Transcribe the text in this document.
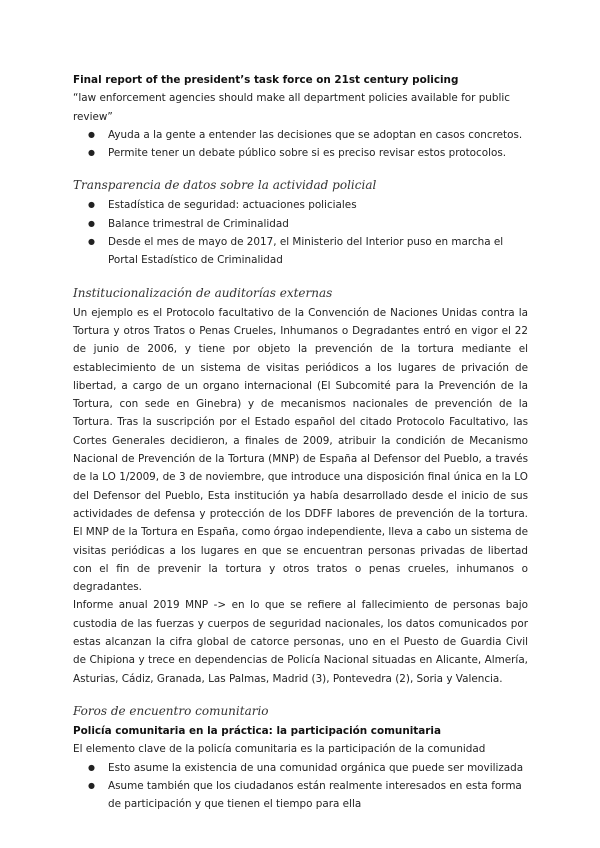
Final report of the president’s task force on 21st century policing
“law enforcement agencies should make all department policies available for public review”
● Ayuda a la gente a entender las decisiones que se adoptan en casos concretos.
● Permite tener un debate público sobre si es preciso revisar estos protocolos.
Transparencia de datos sobre la actividad policial
● Estadística de seguridad: actuaciones policiales
● Balance trimestral de Criminalidad
● Desde el mes de mayo de 2017, el Ministerio del Interior puso en marcha el Portal Estadístico de Criminalidad
Institucionalización de auditorías externas
Un ejemplo es el Protocolo facultativo de la Convención de Naciones Unidas contra la Tortura y otros Tratos o Penas Crueles, Inhumanos o Degradantes entró en vigor el 22 de junio de 2006, y tiene por objeto la prevención de la tortura mediante el establecimiento de un sistema de visitas periódicos a los lugares de privación de libertad, a cargo de un organo internacional (El Subcomité para la Prevención de la Tortura, con sede en Ginebra) y de mecanismos nacionales de prevención de la Tortura. Tras la suscripción por el Estado español del citado Protocolo Facultativo, las Cortes Generales decidieron, a finales de 2009, atribuir la condición de Mecanismo Nacional de Prevención de la Tortura (MNP) de España al Defensor del Pueblo, a través de la LO 1/2009, de 3 de noviembre, que introduce una disposición final única en la LO del Defensor del Pueblo, Esta institución ya había desarrollado desde el inicio de sus actividades de defensa y protección de los DDFF labores de prevención de la tortura. El MNP de la Tortura en España, como órgao independiente, lleva a cabo un sistema de visitas periódicas a los lugares en que se encuentran personas privadas de libertad con el fin de prevenir la tortura y otros tratos o penas crueles, inhumanos o degradantes.
Informe anual 2019 MNP -> en lo que se refiere al fallecimiento de personas bajo custodia de las fuerzas y cuerpos de seguridad nacionales, los datos comunicados por estas alcanzan la cifra global de catorce personas, uno en el Puesto de Guardia Civil de Chipiona y trece en dependencias de Policía Nacional situadas en Alicante, Almería, Asturias, Cádiz, Granada, Las Palmas, Madrid (3), Pontevedra (2), Soria y Valencia.
Foros de encuentro comunitario
Policía comunitaria en la práctica: la participación comunitaria
El elemento clave de la policía comunitaria es la participación de la comunidad
● Esto asume la existencia de una comunidad orgánica que puede ser movilizada
● Asume también que los ciudadanos están realmente interesados en esta forma de participación y que tienen el tiempo para ella
